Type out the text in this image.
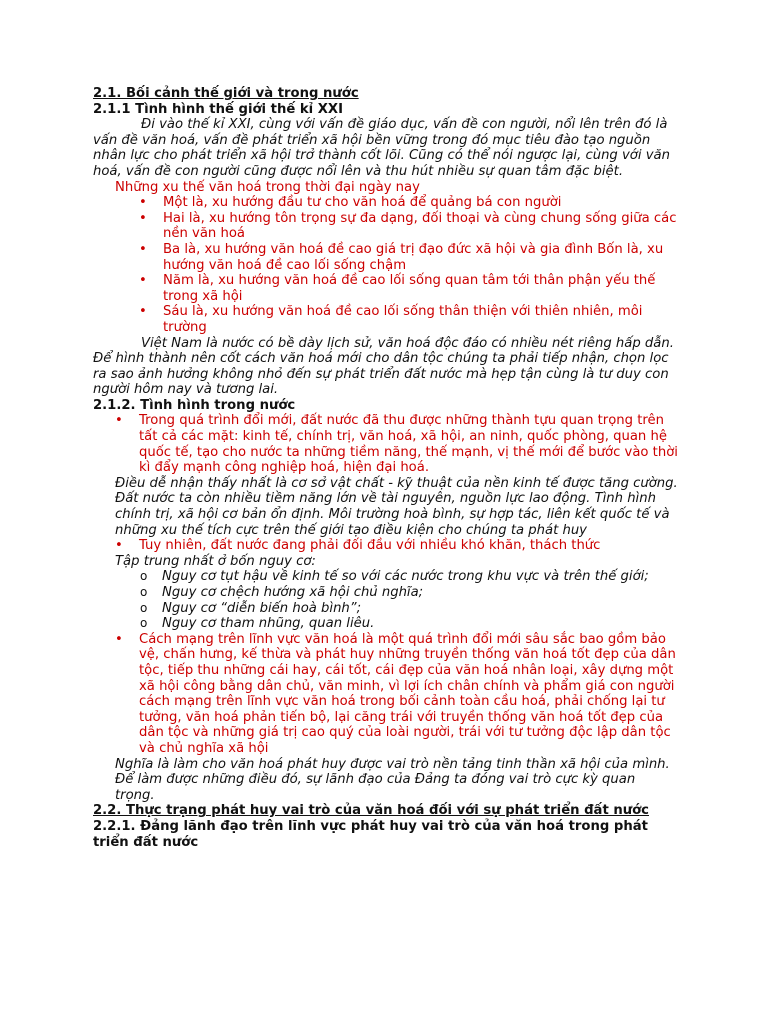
2.1. Bối cảnh thế giới và trong nước
2.1.1 Tình hình thế giới thế kỉ XXI
Đi vào thế kỉ XXI, cùng với vấn đề giáo dục, vấn đề con người, nổi lên trên đó là vấn đề văn hoá, vấn đề phát triển xã hội bền vững trong đó mục tiêu đào tạo nguồn nhân lực cho phát triển xã hội trở thành cốt lõi. Cũng có thể nói ngược lại, cùng với văn hoá, vấn đề con người cũng được nổi lên và thu hút nhiều sự quan tâm đặc biệt.
Những xu thế văn hoá trong thời đại ngày nay
• Một là, xu hướng đầu tư cho văn hoá để quảng bá con người
• Hai là, xu hướng tôn trọng sự đa dạng, đối thoại và cùng chung sống giữa các nền văn hoá
• Ba là, xu hướng văn hoá đề cao giá trị đạo đức xã hội và gia đình Bốn là, xu hướng văn hoá đề cao lối sống chậm
• Năm là, xu hướng văn hoá đề cao lối sống quan tâm tới thân phận yếu thế trong xã hội
• Sáu là, xu hướng văn hoá đề cao lối sống thân thiện với thiên nhiên, môi trường
Việt Nam là nước có bề dày lịch sử, văn hoá độc đáo có nhiều nét riêng hấp dẫn. Để hình thành nên cốt cách văn hoá mới cho dân tộc chúng ta phải tiếp nhận, chọn lọc ra sao ảnh hưởng không nhỏ đến sự phát triển đất nước mà hẹp tận cùng là tư duy con người hôm nay và tương lai.
2.1.2. Tình hình trong nước
• Trong quá trình đổi mới, đất nước đã thu được những thành tựu quan trọng trên tất cả các mặt: kinh tế, chính trị, văn hoá, xã hội, an ninh, quốc phòng, quan hệ quốc tế, tạo cho nước ta những tiềm năng, thế mạnh, vị thế mới để bước vào thời kì đẩy mạnh công nghiệp hoá, hiện đại hoá.
Điều dễ nhận thấy nhất là cơ sở vật chất - kỹ thuật của nền kinh tế được tăng cường. Đất nước ta còn nhiều tiềm năng lớn về tài nguyên, nguồn lực lao động. Tình hình chính trị, xã hội cơ bản ổn định. Môi trường hoà bình, sự hợp tác, liên kết quốc tế và những xu thế tích cực trên thế giới tạo điều kiện cho chúng ta phát huy
• Tuy nhiên, đất nước đang phải đối đầu với nhiều khó khăn, thách thức
Tập trung nhất ở bốn nguy cơ:
o Nguy cơ tụt hậu về kinh tế so với các nước trong khu vực và trên thế giới;
o Nguy cơ chệch hướng xã hội chủ nghĩa;
o Nguy cơ “diễn biến hoà bình”;
o Nguy cơ tham nhũng, quan liêu.
• Cách mạng trên lĩnh vực văn hoá là một quá trình đổi mới sâu sắc bao gồm bảo vệ, chấn hưng, kế thừa và phát huy những truyền thống văn hoá tốt đẹp của dân tộc, tiếp thu những cái hay, cái tốt, cái đẹp của văn hoá nhân loại, xây dựng một xã hội công bằng dân chủ, văn minh, vì lợi ích chân chính và phẩm giá con người cách mạng trên lĩnh vực văn hoá trong bối cảnh toàn cầu hoá, phải chống lại tư tưởng, văn hoá phản tiến bộ, lại căng trái với truyền thống văn hoá tốt đẹp của dân tộc và những giá trị cao quý của loài người, trái với tư tưởng độc lập dân tộc và chủ nghĩa xã hội
Nghĩa là làm cho văn hoá phát huy được vai trò nền tảng tinh thần xã hội của mình. Để làm được những điều đó, sự lãnh đạo của Đảng ta đóng vai trò cực kỳ quan trọng.
2.2. Thực trạng phát huy vai trò của văn hoá đối với sự phát triển đất nước
2.2.1. Đảng lãnh đạo trên lĩnh vực phát huy vai trò của văn hoá trong phát triển đất nước
